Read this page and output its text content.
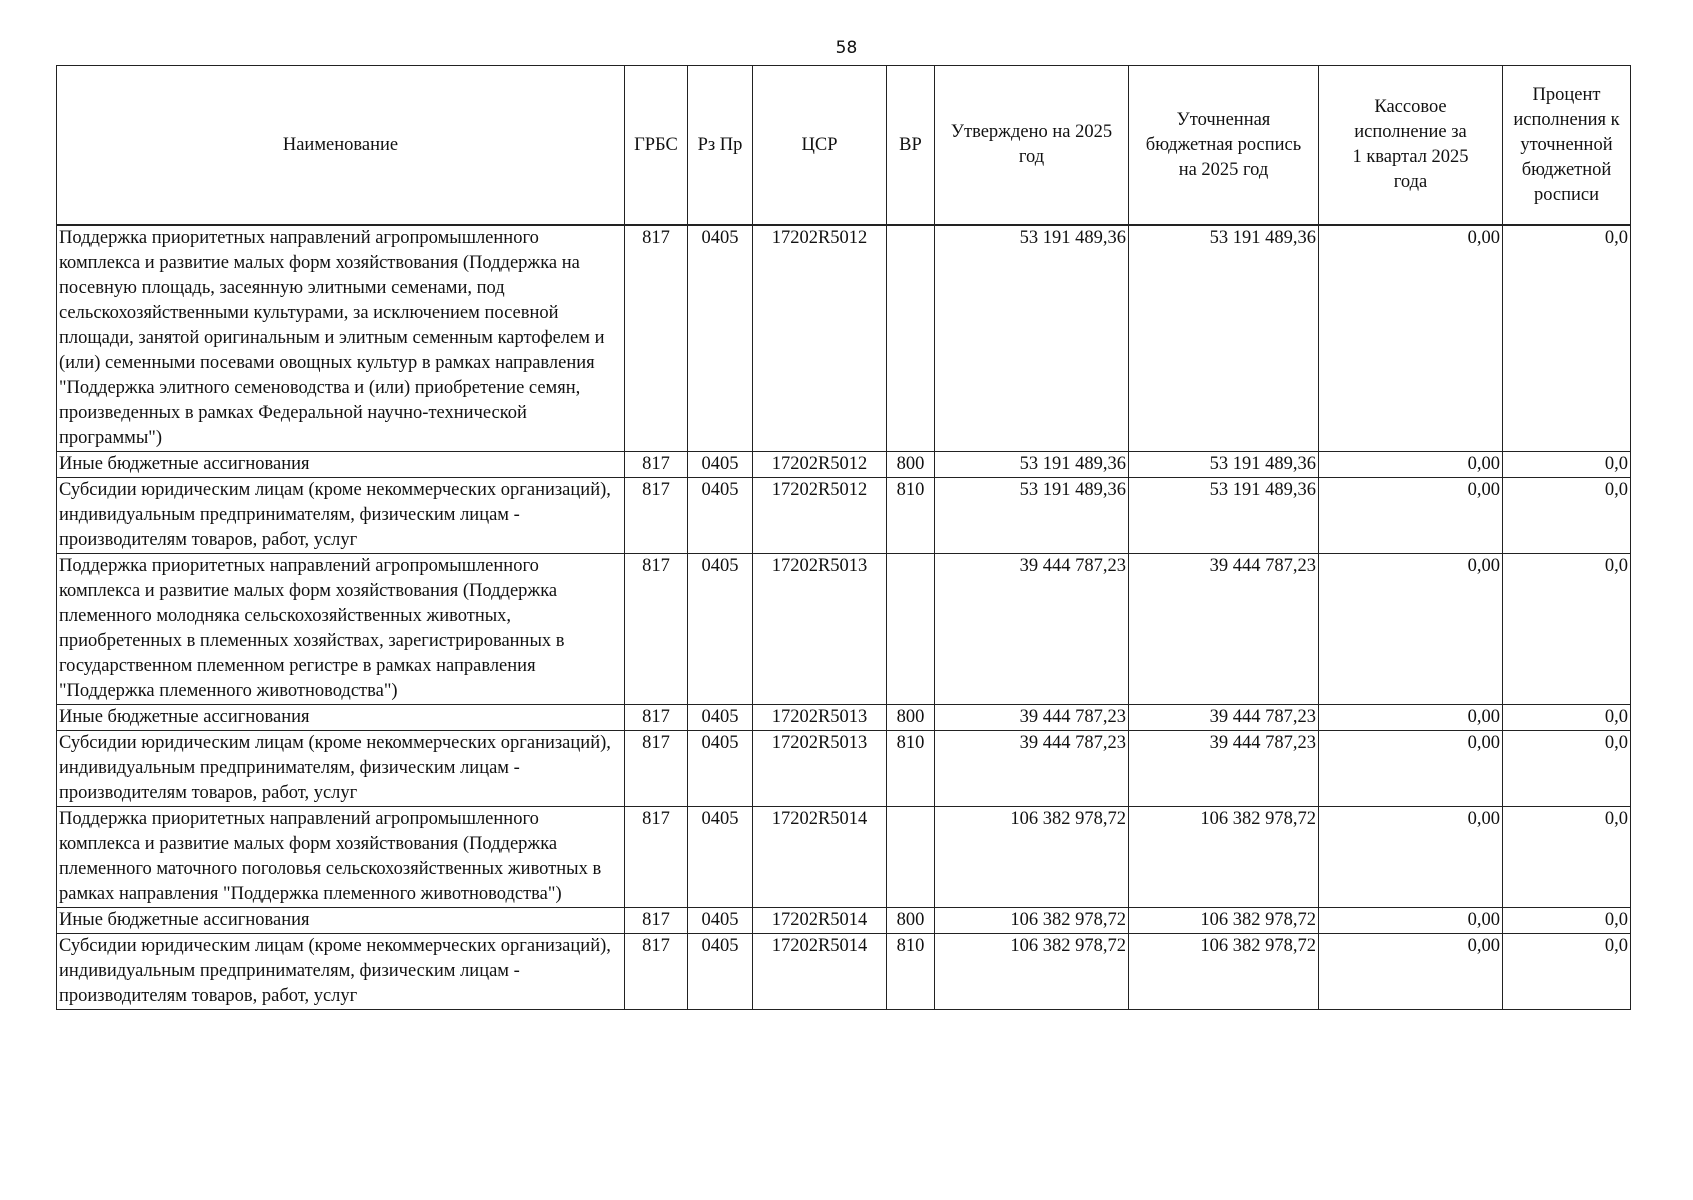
58
Наименование	ГРБС	Рз Пр	ЦСР	ВР	Утверждено на 2025 год	Уточненная бюджетная роспись на 2025 год	Кассовое исполнение за 1 квартал 2025 года	Процент исполнения к уточненной бюджетной росписи
Поддержка приоритетных направлений агропромышленного комплекса и развитие малых форм хозяйствования (Поддержка на посевную площадь, засеянную элитными семенами, под сельскохозяйственными культурами, за исключением посевной площади, занятой оригинальным и элитным семенным картофелем и (или) семенными посевами овощных культур в рамках направления "Поддержка элитного семеноводства и (или) приобретение семян, произведенных в рамках Федеральной научно-технической программы")	817	0405	17202R5012		53 191 489,36	53 191 489,36	0,00	0,0
Иные бюджетные ассигнования	817	0405	17202R5012	800	53 191 489,36	53 191 489,36	0,00	0,0
Субсидии юридическим лицам (кроме некоммерческих организаций), индивидуальным предпринимателям, физическим лицам - производителям товаров, работ, услуг	817	0405	17202R5012	810	53 191 489,36	53 191 489,36	0,00	0,0
Поддержка приоритетных направлений агропромышленного комплекса и развитие малых форм хозяйствования (Поддержка племенного молодняка сельскохозяйственных животных, приобретенных в племенных хозяйствах, зарегистрированных в государственном племенном регистре в рамках направления "Поддержка племенного животноводства")	817	0405	17202R5013		39 444 787,23	39 444 787,23	0,00	0,0
Иные бюджетные ассигнования	817	0405	17202R5013	800	39 444 787,23	39 444 787,23	0,00	0,0
Субсидии юридическим лицам (кроме некоммерческих организаций), индивидуальным предпринимателям, физическим лицам - производителям товаров, работ, услуг	817	0405	17202R5013	810	39 444 787,23	39 444 787,23	0,00	0,0
Поддержка приоритетных направлений агропромышленного комплекса и развитие малых форм хозяйствования (Поддержка племенного маточного поголовья сельскохозяйственных животных в рамках направления "Поддержка племенного животноводства")	817	0405	17202R5014		106 382 978,72	106 382 978,72	0,00	0,0
Иные бюджетные ассигнования	817	0405	17202R5014	800	106 382 978,72	106 382 978,72	0,00	0,0
Субсидии юридическим лицам (кроме некоммерческих организаций), индивидуальным предпринимателям, физическим лицам - производителям товаров, работ, услуг	817	0405	17202R5014	810	106 382 978,72	106 382 978,72	0,00	0,0
